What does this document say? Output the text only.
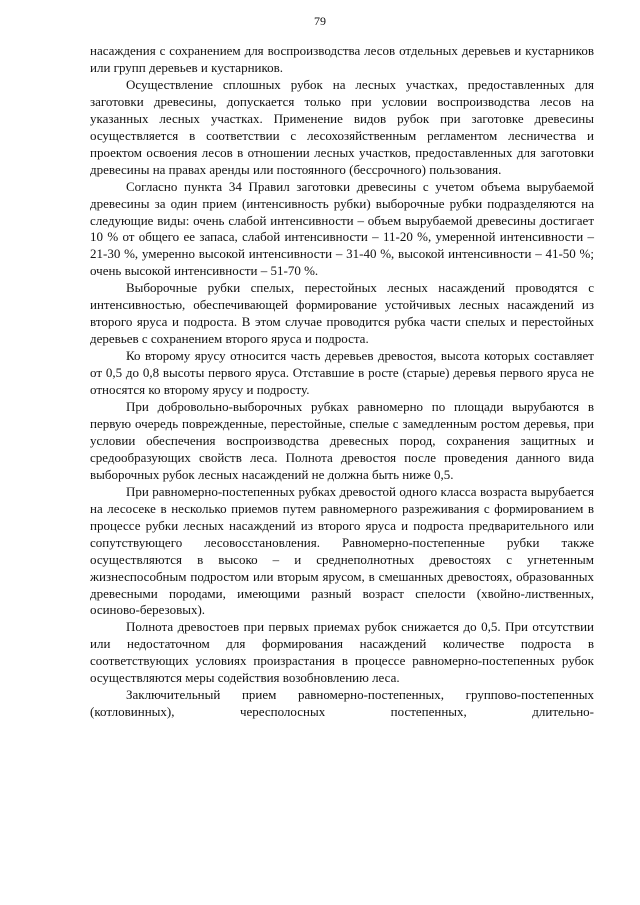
79

насаждения с сохранением для воспроизводства лесов отдельных деревьев и кустарников или групп деревьев и кустарников.

Осуществление сплошных рубок на лесных участках, предоставленных для заготовки древесины, допускается только при условии воспроизводства лесов на указанных лесных участках. Применение видов рубок при заготовке древесины осуществляется в соответствии с лесохозяйственным регламентом лесничества и проектом освоения лесов в отношении лесных участков, предоставленных для заготовки древесины на правах аренды или постоянного (бессрочного) пользования.

Согласно пункта 34 Правил заготовки древесины с учетом объема вырубаемой древесины за один прием (интенсивность рубки) выборочные рубки подразделяются на следующие виды: очень слабой интенсивности – объем вырубаемой древесины достигает 10 % от общего ее запаса, слабой интенсивности – 11-20 %, умеренной интенсивности – 21-30 %, умеренно высокой интенсивности – 31-40 %, высокой интенсивности – 41-50 %; очень высокой интенсивности – 51-70 %.

Выборочные рубки спелых, перестойных лесных насаждений проводятся с интенсивностью, обеспечивающей формирование устойчивых лесных насаждений из второго яруса и подроста. В этом случае проводится рубка части спелых и перестойных деревьев с сохранением второго яруса и подроста.

Ко второму ярусу относится часть деревьев древостоя, высота которых составляет от 0,5 до 0,8 высоты первого яруса. Отставшие в росте (старые) деревья первого яруса не относятся ко второму ярусу и подросту.

При добровольно-выборочных рубках равномерно по площади вырубаются в первую очередь поврежденные, перестойные, спелые с замедленным ростом деревья, при условии обеспечения воспроизводства древесных пород, сохранения защитных и средообразующих свойств леса. Полнота древостоя после проведения данного вида выборочных рубок лесных насаждений не должна быть ниже 0,5.

При равномерно-постепенных рубках древостой одного класса возраста вырубается на лесосеке в несколько приемов путем равномерного разреживания с формированием в процессе рубки лесных насаждений из второго яруса и подроста предварительного или сопутствующего лесовосстановления. Равномерно-постепенные рубки также осуществляются в высоко – и среднеполнотных древостоях с угнетенным жизнеспособным подростом или вторым ярусом, в смешанных древостоях, образованных древесными породами, имеющими разный возраст спелости (хвойно-лиственных, осиново-березовых).

Полнота древостоев при первых приемах рубок снижается до 0,5. При отсутствии или недостаточном для формирования насаждений количестве подроста в соответствующих условиях произрастания в процессе равномерно-постепенных рубок осуществляются меры содействия возобновлению леса.

Заключительный прием равномерно-постепенных, группово-постепенных (котловинных), чересполосных постепенных, длительно-
